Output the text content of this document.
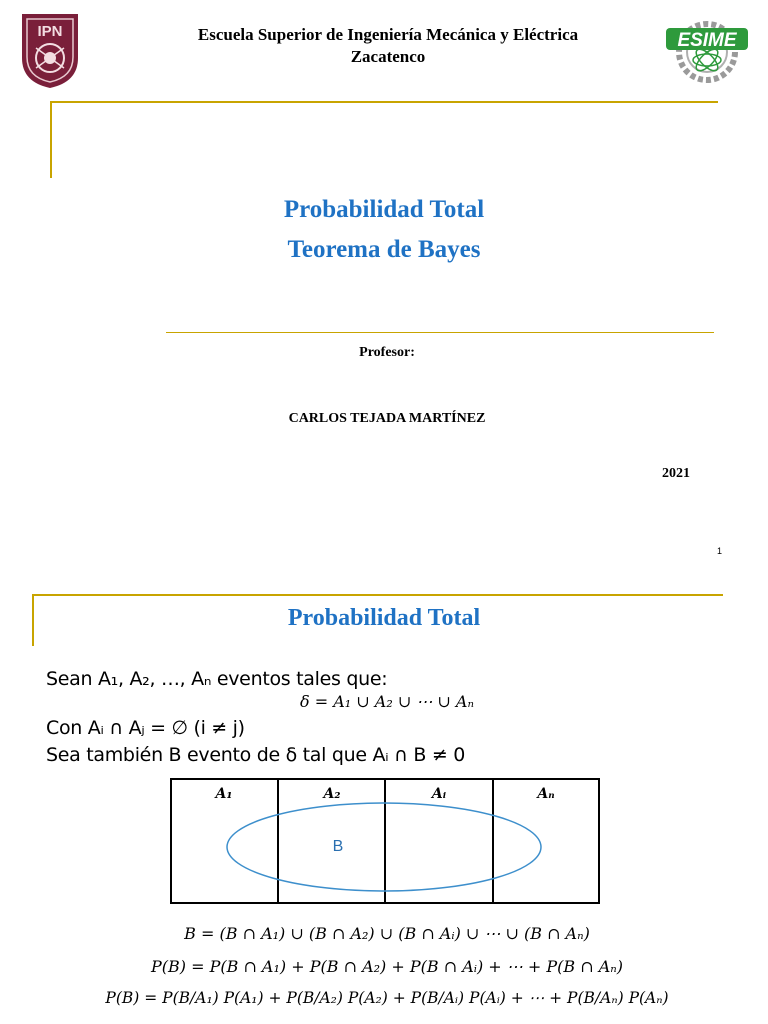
IPN	Escuela Superior de Ingeniería Mecánica y Eléctrica
Zacatenco
ESIME
Probabilidad Total
Teorema de Bayes
Profesor:
CARLOS TEJADA MARTÍNEZ
2021
1
Probabilidad Total
Sean A₁, A₂, …, Aₙ eventos tales que:
δ = A₁ ∪ A₂ ∪ ⋯ ∪ Aₙ
Con Aᵢ ∩ Aⱼ = ∅ (i ≠ j)
Sea también B evento de δ tal que Aᵢ ∩ B ≠ 0
A₁	A₂	Aᵢ	Aₙ
B
B = (B ∩ A₁) ∪ (B ∩ A₂) ∪ (B ∩ Aᵢ) ∪ ⋯ ∪ (B ∩ Aₙ)
P(B) = P(B ∩ A₁) + P(B ∩ A₂) + P(B ∩ Aᵢ) + ⋯ + P(B ∩ Aₙ)
P(B) = P(B/A₁) P(A₁) + P(B/A₂) P(A₂) + P(B/Aᵢ) P(Aᵢ) + ⋯ + P(B/Aₙ) P(Aₙ)
